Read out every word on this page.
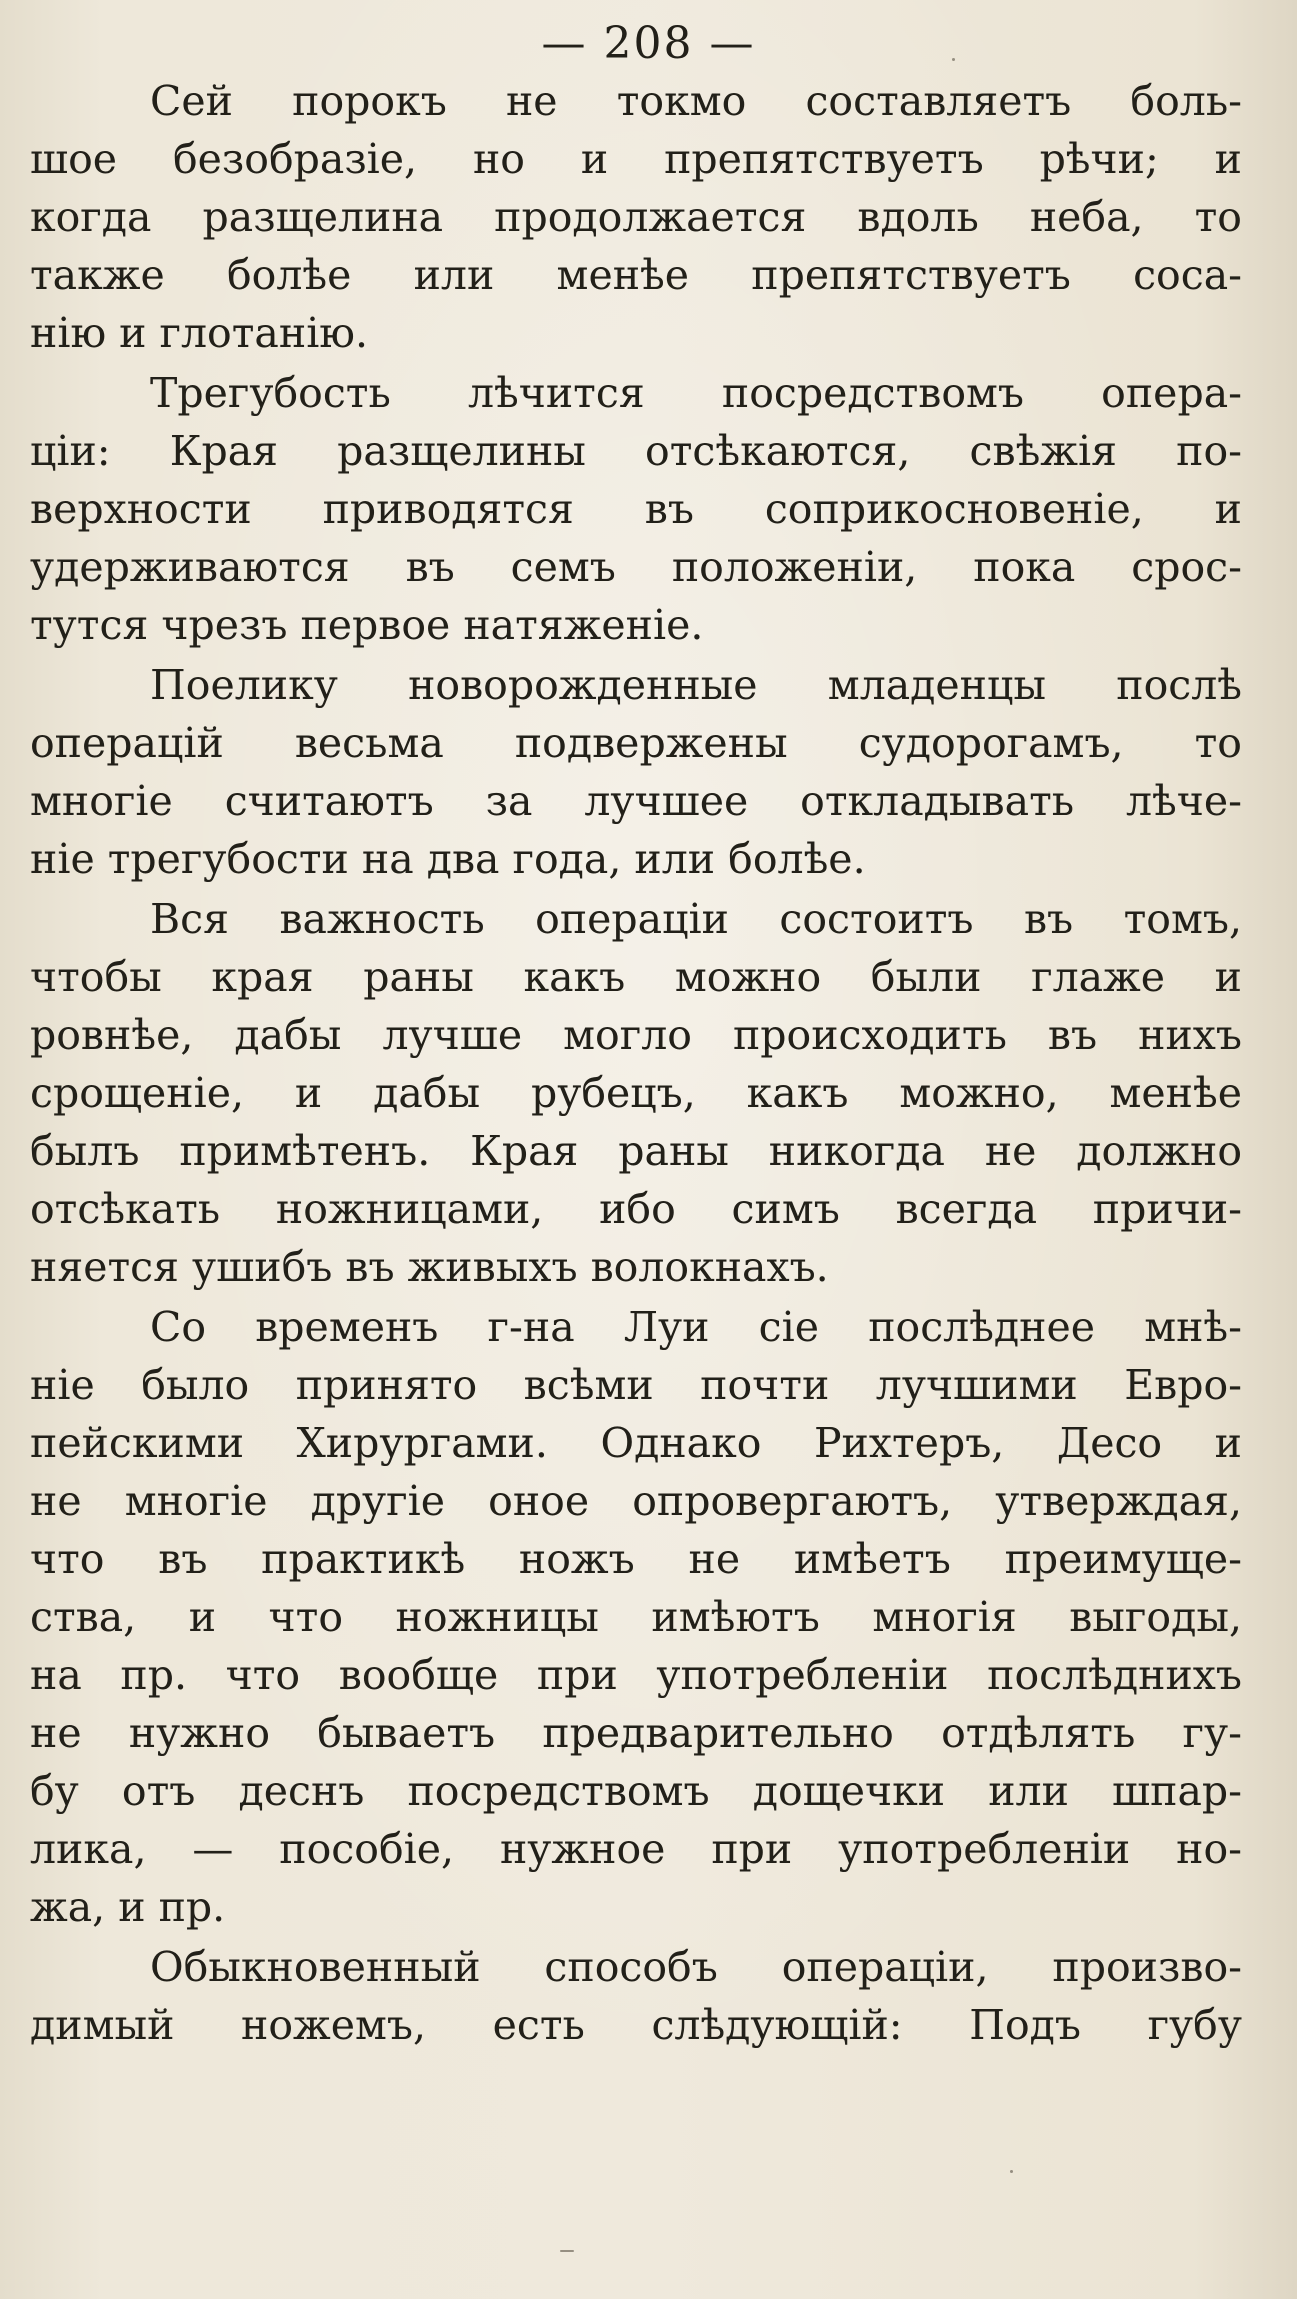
— 208 —
Сей порокъ не токмо составляетъ боль-
шое безобразіе, но и препятствуетъ рѣчи; и
когда разщелина продолжается вдоль неба, то
также болѣе или менѣе препятствуетъ соса-
нію и глотанію.
Трегубость лѣчится посредствомъ опера-
ціи: Края разщелины отсѣкаются, свѣжія по-
верхности приводятся въ соприкосновеніе, и
удерживаются въ семъ положеніи, пока срос-
тутся чрезъ первое натяженіе.
Поелику новорожденные младенцы послѣ
операцій весьма подвержены судорогамъ, то
многіе считаютъ за лучшее откладывать лѣче-
ніе трегубости на два года, или болѣе.
Вся важность операціи состоитъ въ томъ,
чтобы края раны какъ можно были глаже и
ровнѣе, дабы лучше могло происходить въ нихъ
срощеніе, и дабы рубецъ, какъ можно, менѣе
былъ примѣтенъ. Края раны никогда не должно
отсѣкать ножницами, ибо симъ всегда причи-
няется ушибъ въ живыхъ волокнахъ.
Со временъ г-на Луи сіе послѣднее мнѣ-
ніе было принято всѣми почти лучшими Евро-
пейскими Хирургами. Однако Рихтеръ, Десо и
не многіе другіе оное опровергаютъ, утверждая,
что въ практикѣ ножъ не имѣетъ преимуще-
ства, и что ножницы имѣютъ многія выгоды,
на пр. что вообще при употребленіи послѣднихъ
не нужно бываетъ предварительно отдѣлять гу-
бу отъ деснъ посредствомъ дощечки или шпар-
лика, — пособіе, нужное при употребленіи но-
жа, и пр.
Обыкновенный способъ операціи, произво-
димый ножемъ, есть слѣдующій: Подъ губу
